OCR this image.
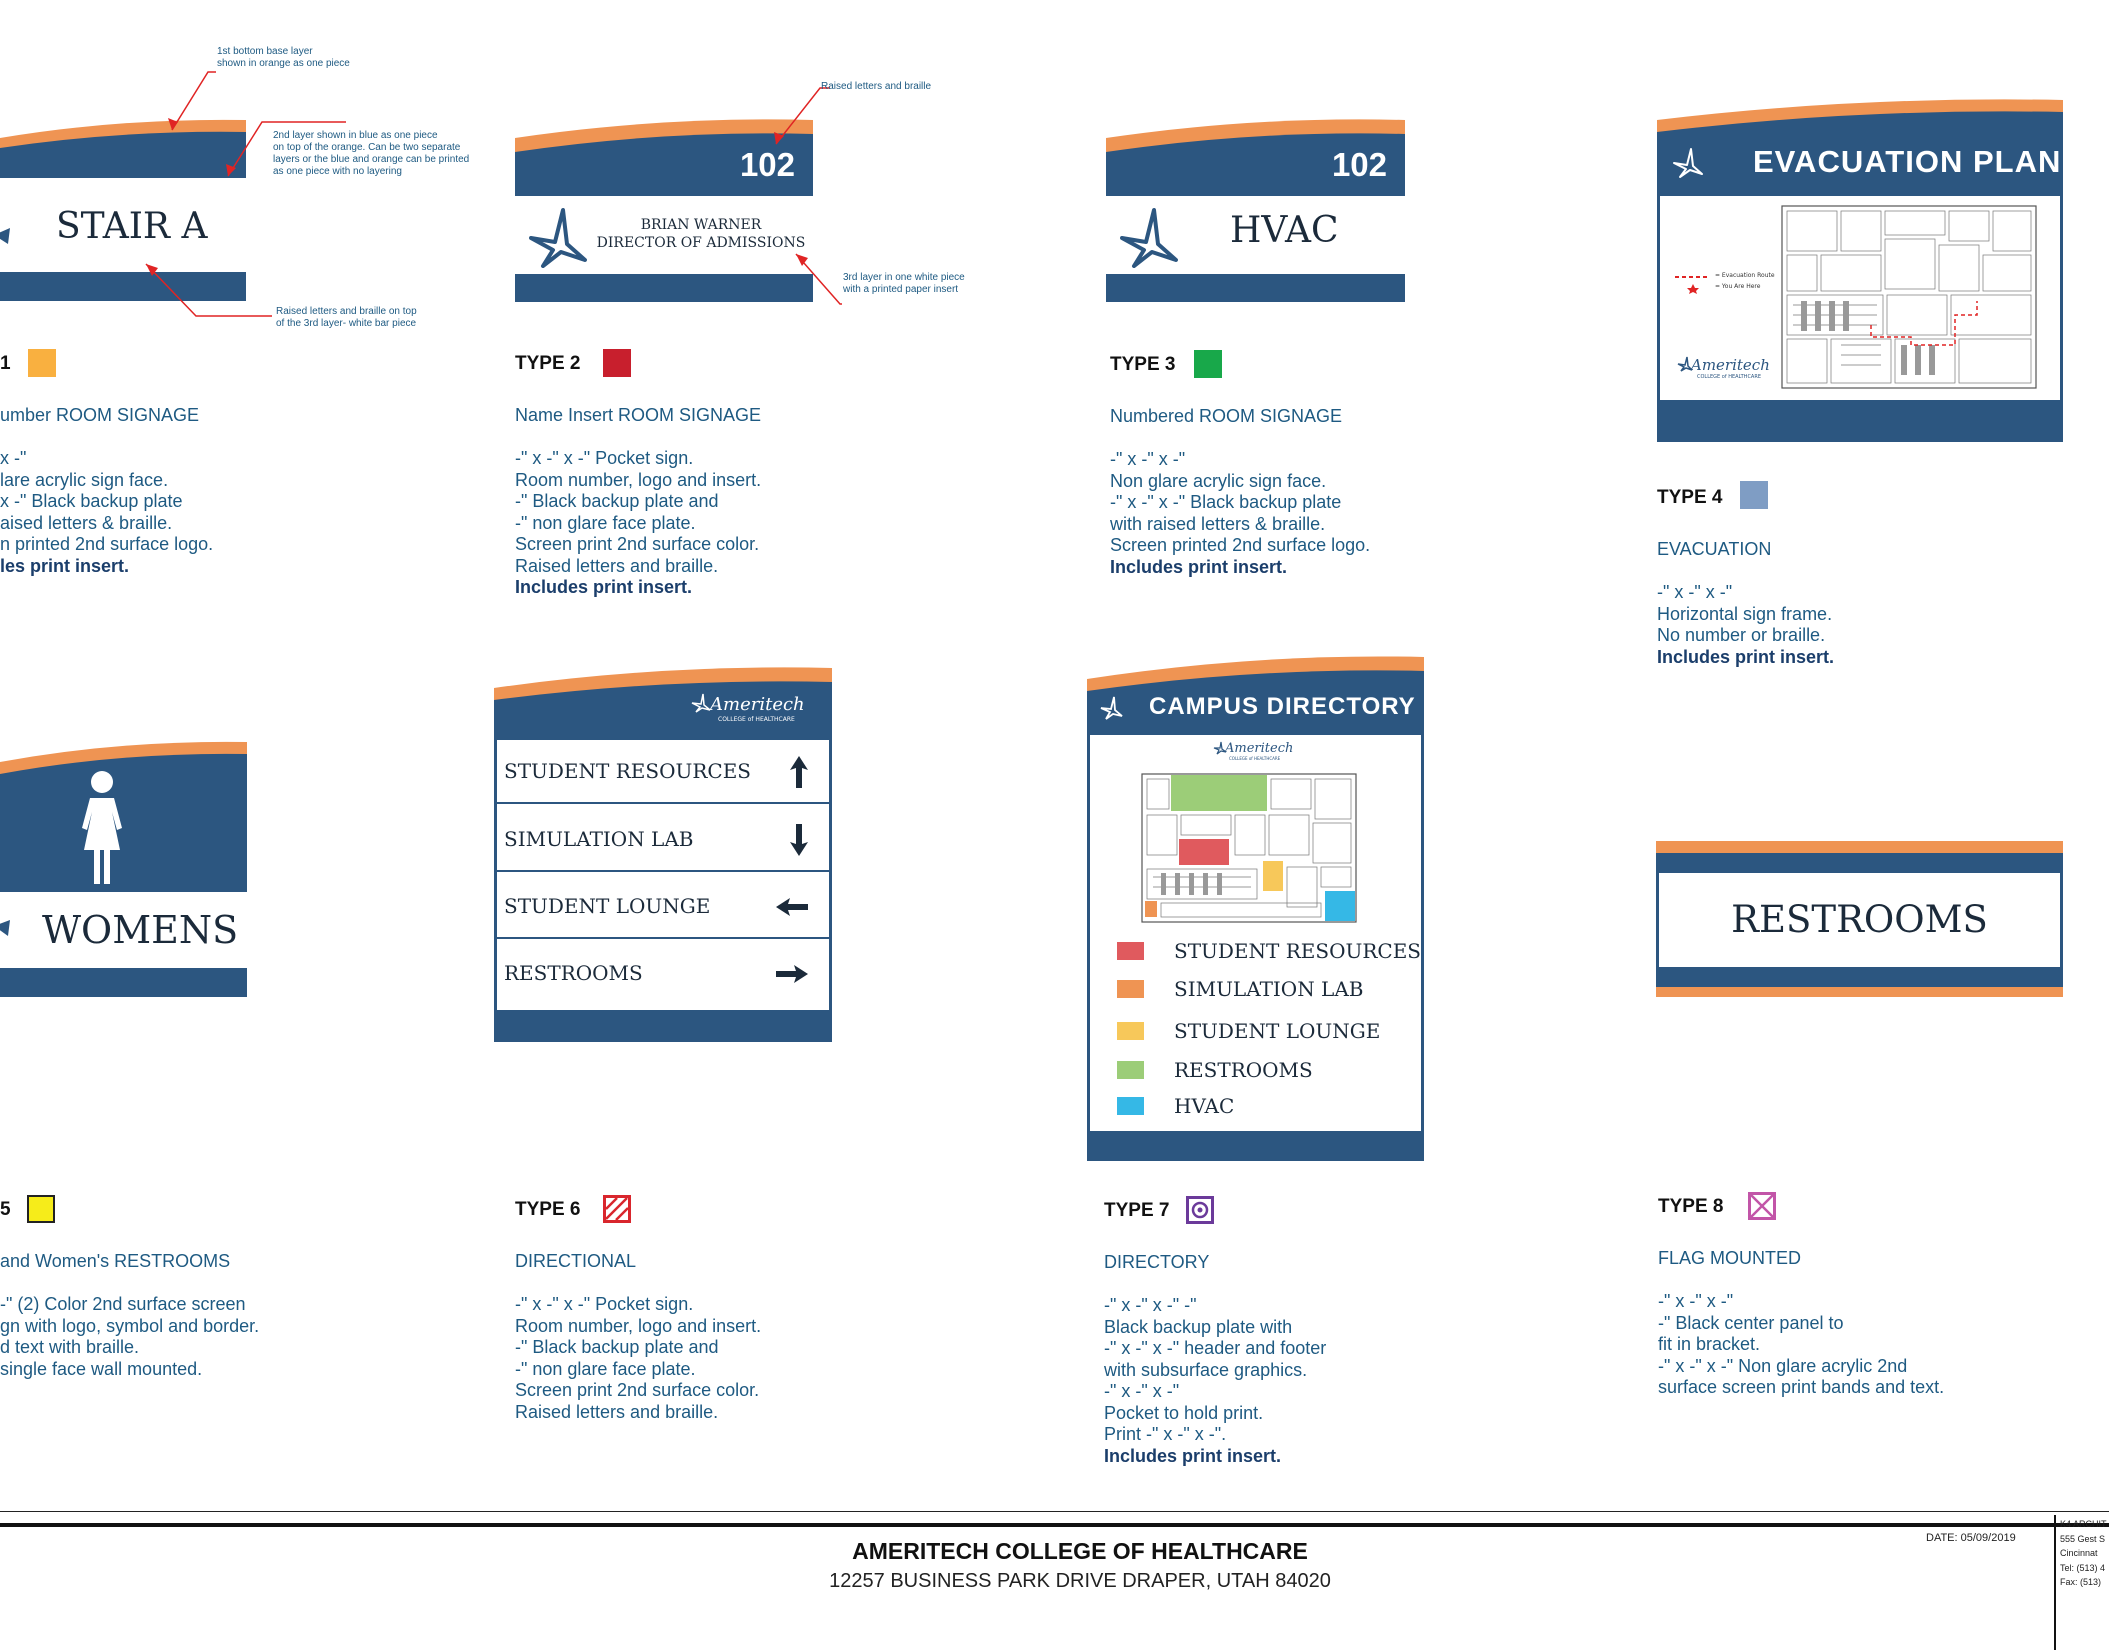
STAIR A
1st bottom base layer
shown in orange as one piece
2nd layer shown in blue as one piece
on top of the orange. Can be two separate
layers or the blue and orange can be printed
as one piece with no layering
Raised letters and braille on top
of the 3rd layer- white bar piece
1
umber ROOM SIGNAGE
x -"
lare acrylic sign face.
x -" Black backup plate
aised letters & braille.
n printed 2nd surface logo.
les print insert.
102
BRIAN WARNER
DIRECTOR OF ADMISSIONS
Raised letters and braille
3rd layer in one white piece
with a printed paper insert
TYPE 2
Name Insert ROOM SIGNAGE
-" x -" x -" Pocket sign.
Room number, logo and insert.
-" Black backup plate and
-" non glare face plate.
Screen print 2nd surface color.
Raised letters and braille.
Includes print insert.
102
HVAC
TYPE 3
Numbered ROOM SIGNAGE
-" x -" x -"
Non glare acrylic sign face.
-" x -" x -" Black backup plate
with raised letters & braille.
Screen printed 2nd surface logo.
Includes print insert.
EVACUATION PLAN
= Evacuation Route
= You Are Here
Ameritech
COLLEGE of HEALTHCARE
TYPE 4
EVACUATION
-" x -" x -"
Horizontal sign frame.
No number or braille.
Includes print insert.
WOMENS
5
and Women's RESTROOMS
-" (2) Color 2nd surface screen
gn with logo, symbol and border.
d text with braille.
single face wall mounted.
Ameritech
COLLEGE of HEALTHCARE
STUDENT RESOURCES
SIMULATION LAB
STUDENT LOUNGE
RESTROOMS
TYPE 6
DIRECTIONAL
-" x -" x -" Pocket sign.
Room number, logo and insert.
-" Black backup plate and
-" non glare face plate.
Screen print 2nd surface color.
Raised letters and braille.
CAMPUS DIRECTORY
Ameritech
COLLEGE of HEALTHCARE
STUDENT RESOURCES
SIMULATION LAB
STUDENT LOUNGE
RESTROOMS
HVAC
TYPE 7
DIRECTORY
-" x -" x -" -"
Black backup plate with
-" x -" x -" header and footer
with subsurface graphics.
-" x -" x -"
Pocket to hold print.
Print -" x -" x -".
Includes print insert.
RESTROOMS
TYPE 8
FLAG MOUNTED
-" x -" x -"
-" Black center panel to
fit in bracket.
-" x -" x -" Non glare acrylic 2nd
surface screen print bands and text.
AMERITECH COLLEGE OF HEALTHCARE
12257 BUSINESS PARK DRIVE DRAPER, UTAH 84020
DATE: 05/09/2019
K4 ARCHIT
555 Gest S
Cincinnat
Tel: (513) 4
Fax: (513)
